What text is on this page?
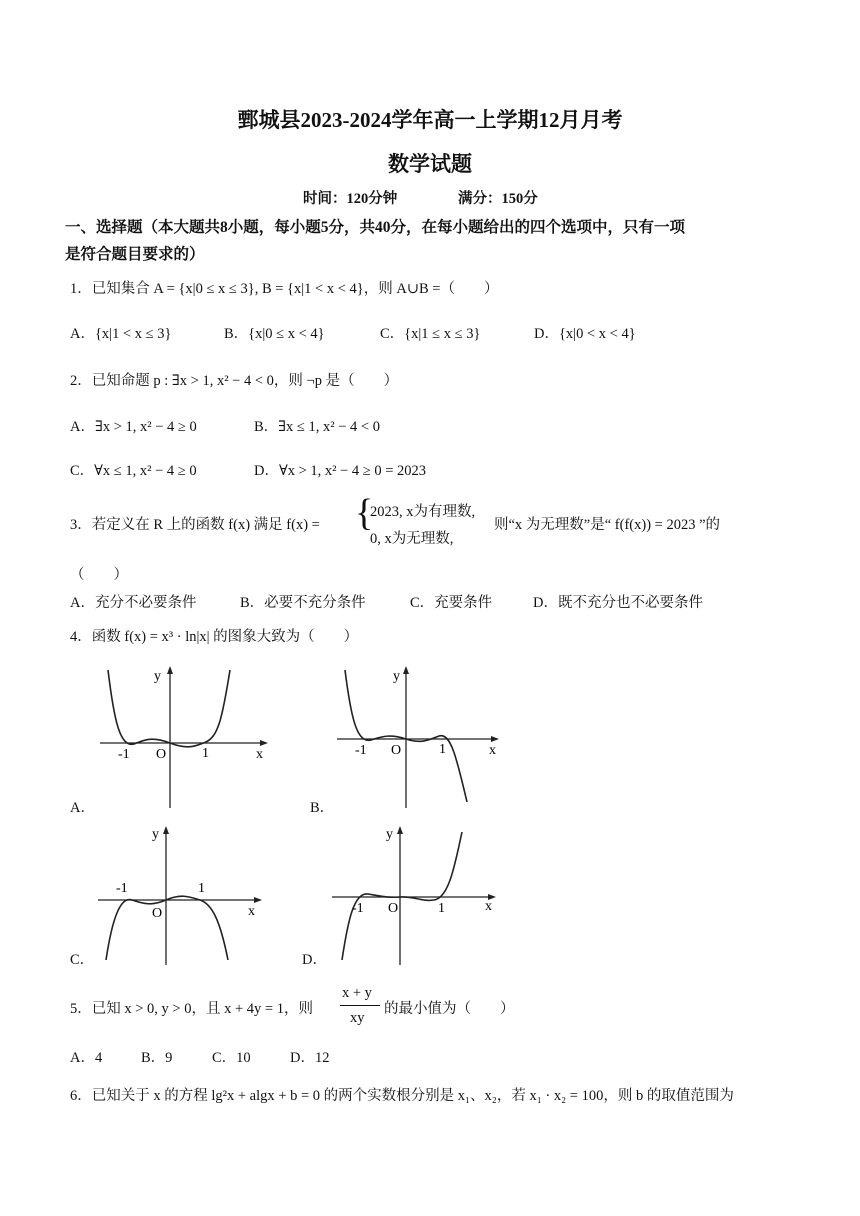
鄄城县2023-2024学年高一上学期12月月考
数学试题
时间：120分钟	满分：150分
一、选择题（本大题共8小题，每小题5分，共40分，在每小题给出的四个选项中，只有一项
是符合题目要求的）
1．已知集合 A = {x|0 ≤ x ≤ 3}, B = {x|1 < x < 4}，则 A∪B =（　　）
A．{x|1 < x ≤ 3}	B．{x|0 ≤ x < 4}	C．{x|1 ≤ x ≤ 3}	D．{x|0 < x < 4}
2．已知命题 p : ∃x > 1, x² − 4 < 0，则 ¬p 是（　　）
A．∃x > 1, x² − 4 ≥ 0	B．∃x ≤ 1, x² − 4 < 0
C．∀x ≤ 1, x² − 4 ≥ 0	D．∀x > 1, x² − 4 ≥ 0 = 2023
3．若定义在 R 上的函数 f(x) 满足 f(x) = {
2023, x为有理数,
0, x为无理数,
则“x 为无理数”是“ f(f(x)) = 2023 ”的
（　　）
A．充分不必要条件	B．必要不充分条件	C．充要条件	D．既不充分也不必要条件
4．函数 f(x) = x³ · ln|x| 的图象大致为（　　）
y
x
O
-1	1
A．
y
x
O
-1	1
B．
y
x
O
-1	1
C．
y
x
O
-1	1
D．
5．已知 x > 0, y > 0，且 x + 4y = 1，则
x + y
xy
的最小值为（　　）
A．4	B．9	C．10	D．12
6．已知关于 x 的方程 lg²x + algx + b = 0 的两个实数根分别是 x₁、x₂，若 x₁ · x₂ = 100，则 b 的取值范围为
